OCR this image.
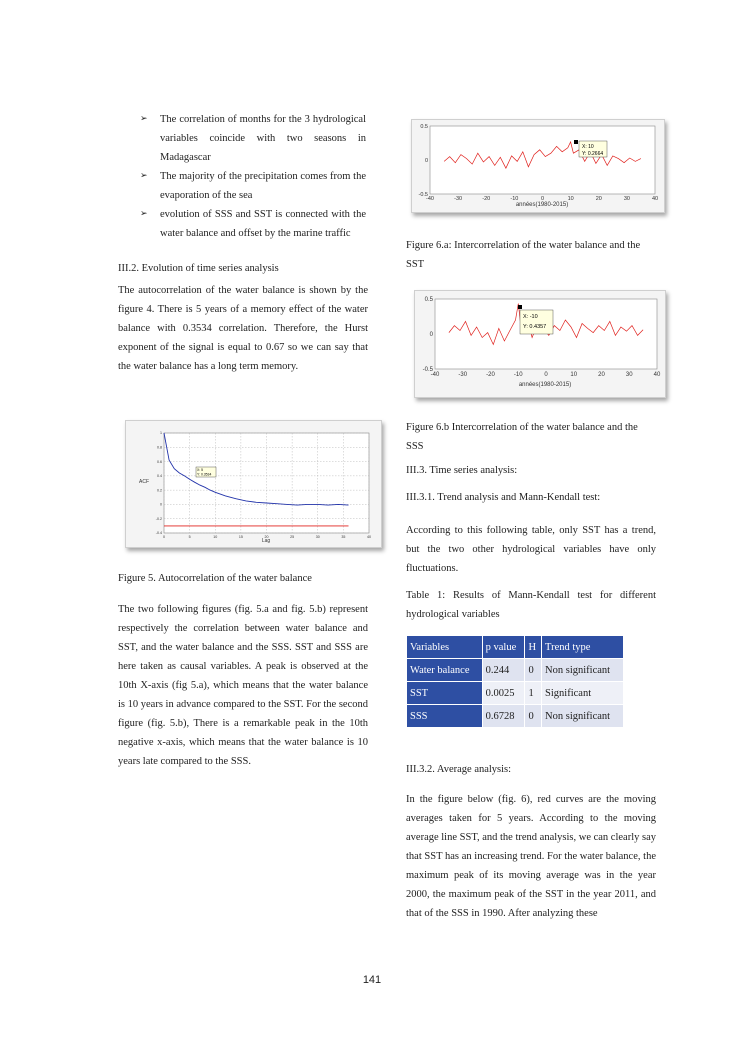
➢ The correlation of months for the 3 hydrological variables coincide with two seasons in Madagascar
➢ The majority of the precipitation comes from the evaporation of the sea
➢ evolution of SSS and SST is connected with the water balance and offset by the marine traffic
III.2. Evolution of time series analysis

The autocorrelation of the water balance is shown by the figure 4. There is 5 years of a memory effect of the water balance with 0.3534 correlation. Therefore, the Hurst exponent of the signal is equal to 0.67 so we can say that the water balance has a long term memory.

0	5	10	15	20	25	30	35	40
-0.4
-0.2
0
0.2
0.4
0.6
0.8
1
Lag
ACF
X: 5
Y: 0.3534
Figure 5. Autocorrelation of the water balance

The two following figures (fig. 5.a and fig. 5.b) represent respectively the correlation between water balance and SST, and the water balance and the SSS. SST and SSS are here taken as causal variables. A peak is observed at the 10th X-axis (fig 5.a), which means that the water balance is 10 years in advance compared to the SST. For the second figure (fig. 5.b), There is a remarkable peak in the 10th negative x-axis, which means that the water balance is 10 years late compared to the SSS.

-40	-30	-20	-10	0	10	20	30	40
-0.5
0
0.5
années(1980-2015)
X: 10
Y: 0.2664
Figure 6.a: Intercorrelation of the water balance and the SST
-40	-30	-20	-10	0	10	20	30	40
-0.5
0
0.5
années(1980-2015)
X: -10
Y: 0.4357
Figure 6.b Intercorrelation of the water balance and the SSS
III.3. Time series analysis:
III.3.1. Trend analysis and Mann-Kendall test:

According to this following table, only SST has a trend, but the two other hydrological variables have only fluctuations.

Table 1: Results of Mann-Kendall test for different hydrological variables

Variables	p value	H	Trend type
Water balance	0.244	0	Non significant
SST	0.0025	1	Significant
SSS	0.6728	0	Non significant
III.3.2. Average analysis:

In the figure below (fig. 6), red curves are the moving averages taken for 5 years. According to the moving average line SST, and the trend analysis, we can clearly say that SST has an increasing trend. For the water balance, the maximum peak of its moving average was in the year 2000, the maximum peak of the SST in the year 2011, and that of the SSS in 1990. After analyzing these

141
